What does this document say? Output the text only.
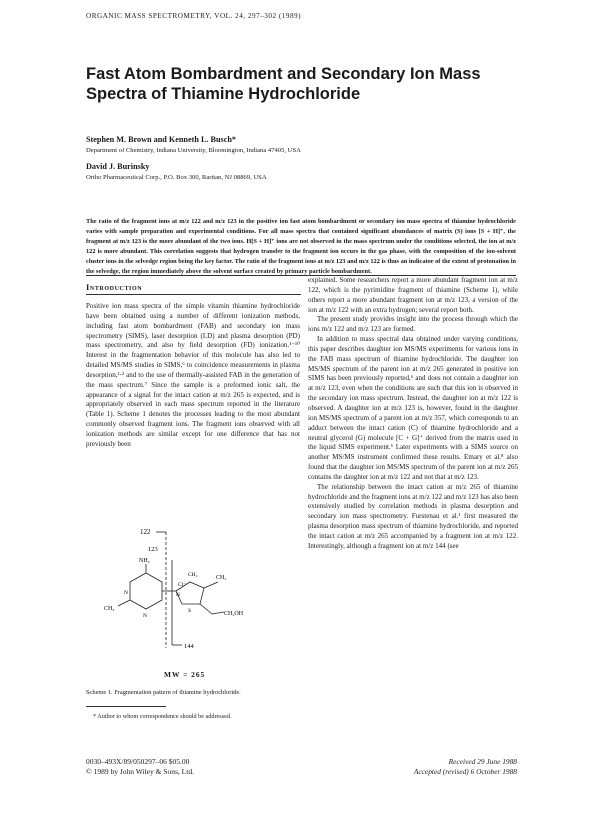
ORGANIC MASS SPECTROMETRY, VOL. 24, 297–302 (1989)
Fast Atom Bombardment and Secondary Ion Mass Spectra of Thiamine Hydrochloride
Stephen M. Brown and Kenneth L. Busch*
Department of Chemistry, Indiana University, Bloomington, Indiana 47405, USA
David J. Burinsky
Ortho Pharmaceutical Corp., P.O. Box 300, Raritan, NJ 08869, USA
The ratio of the fragment ions at m/z 122 and m/z 123 in the positive ion fast atom bombardment or secondary ion mass spectra of thiamine hydrochloride varies with sample preparation and experimental conditions. For all mass spectra that contained significant abundances of matrix (S) ions [S + H]⁺, the fragment at m/z 123 is the more abundant of the two ions. H[S + H]⁺ ions are not observed in the mass spectrum under the conditions selected, the ion at m/z 122 is more abundant. This correlation suggests that hydrogen transfer to the fragment ion occurs in the gas phase, with the composition of the ion-solvent cluster ions in the selvedge region being the key factor. The ratio of the fragment ions at m/z 123 and m/z 122 is thus an indicator of the extent of protonation in the selvedge, the region immediately above the solvent surface created by primary particle bombardment.
Introduction

Positive ion mass spectra of the simple vitamin thiamine hydrochloride have been obtained using a number of different ionization methods, including fast atom bombardment (FAB) and secondary ion mass spectrometry (SIMS), laser desorption (LD) and plasma desorption (PD) mass spectrometry, and also by field desorption (FD) ionization.¹⁻¹⁰ Interest in the fragmentation behavior of this molecule has also led to detailed MS/MS studies in SIMS,⁶ to coincidence measurements in plasma desorption,¹·² and to the use of thermally-assisted FAB in the generation of the mass spectrum.⁷ Since the sample is a preformed ionic salt, the appearance of a signal for the intact cation at m/z 265 is expected, and is appropriately observed in each mass spectrum reported in the literature (Table 1). Scheme 1 denotes the processes leading to the most abundant commonly observed fragment ions. The fragment ions observed with all ionization methods are similar except for one difference that has not previously been

122
123
144
NH₂
CH₃
CH₃
CH₂
CH₂OH
N
N
N
S
Cl⁻
MW = 265
Scheme 1. Fragmentation pattern of thiamine hydrochloride.
* Author to whom correspondence should be addressed.

explained. Some researchers report a more abundant fragment ion at m/z 122, which is the pyrimidine fragment of thiamine (Scheme 1), while others report a more abundant fragment ion at m/z 123, a version of the ion at m/z 122 with an extra hydrogen; several report both.

The present study provides insight into the process through which the ions m/z 122 and m/z 123 are formed.

In addition to mass spectral data obtained under varying conditions, this paper describes daughter ion MS/MS experiments for various ions in the FAB mass spectrum of thiamine hydrochloride. The daughter ion MS/MS spectrum of the parent ion at m/z 265 generated in positive ion SIMS has been previously reported,⁶ and does not contain a daughter ion at m/z 123, even when the conditions are such that this ion is observed in the secondary ion mass spectrum. Instead, the daughter ion at m/z 122 is observed. A daughter ion at m/z 123 is, however, found in the daughter ion MS/MS spectrum of a parent ion at m/z 357, which corresponds to an adduct between the intact cation (C) of thiamine hydrochloride and a neutral glycerol (G) molecule [C + G]⁺ derived from the matrix used in the liquid SIMS experiment.⁶ Later experiments with a SIMS source on another MS/MS instrument confirmed these results. Emary et al.⁸ also found that the daughter ion MS/MS spectrum of the parent ion at m/z 265 contains the daughter ion at m/z 122 and not that at m/z 123.

The relationship between the intact cation at m/z 265 of thiamine hydrochloride and the fragment ions at m/z 122 and m/z 123 has also been extensively studied by correlation methods in plasma desorption and secondary ion mass spectrometry. Furstenau et al.¹ first measured the plasma desorption mass spectrum of thiamine hydrochloride, and reported the intact cation at m/z 265 accompanied by a fragment ion at m/z 122. Interestingly, although a fragment ion at m/z 144 (see

0030–493X/89/050297–06 $05.00
© 1989 by John Wiley & Sons, Ltd.
Received 29 June 1988
Accepted (revised) 6 October 1988
